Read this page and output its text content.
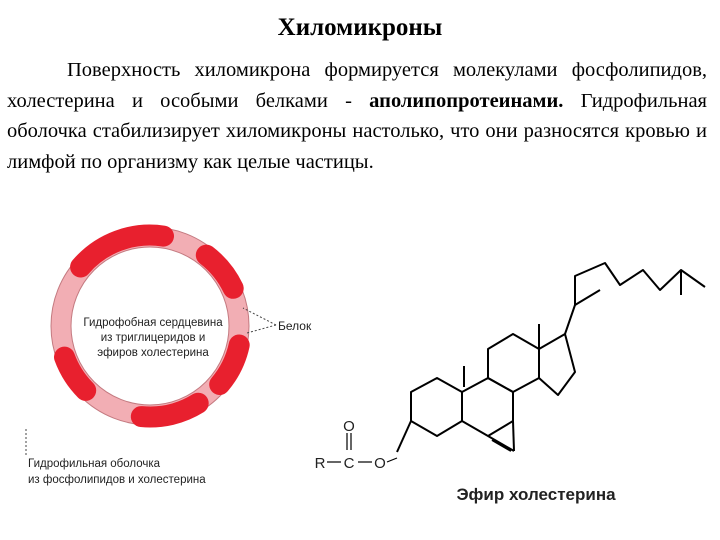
Хиломикроны
Поверхность хиломикрона формируется молекулами фосфолипидов, холестерина и особыми белками - аполипопротеинами. Гидрофильная оболочка стабилизирует хиломикроны настолько, что они разносятся кровью и лимфой по организму как целые частицы.
Гидрофобная сердцевина
из триглицеридов и
эфиров холестерина
Белок
Гидрофильная оболочка
из фосфолипидов и холестерина
O
R C O
Эфир холестерина
